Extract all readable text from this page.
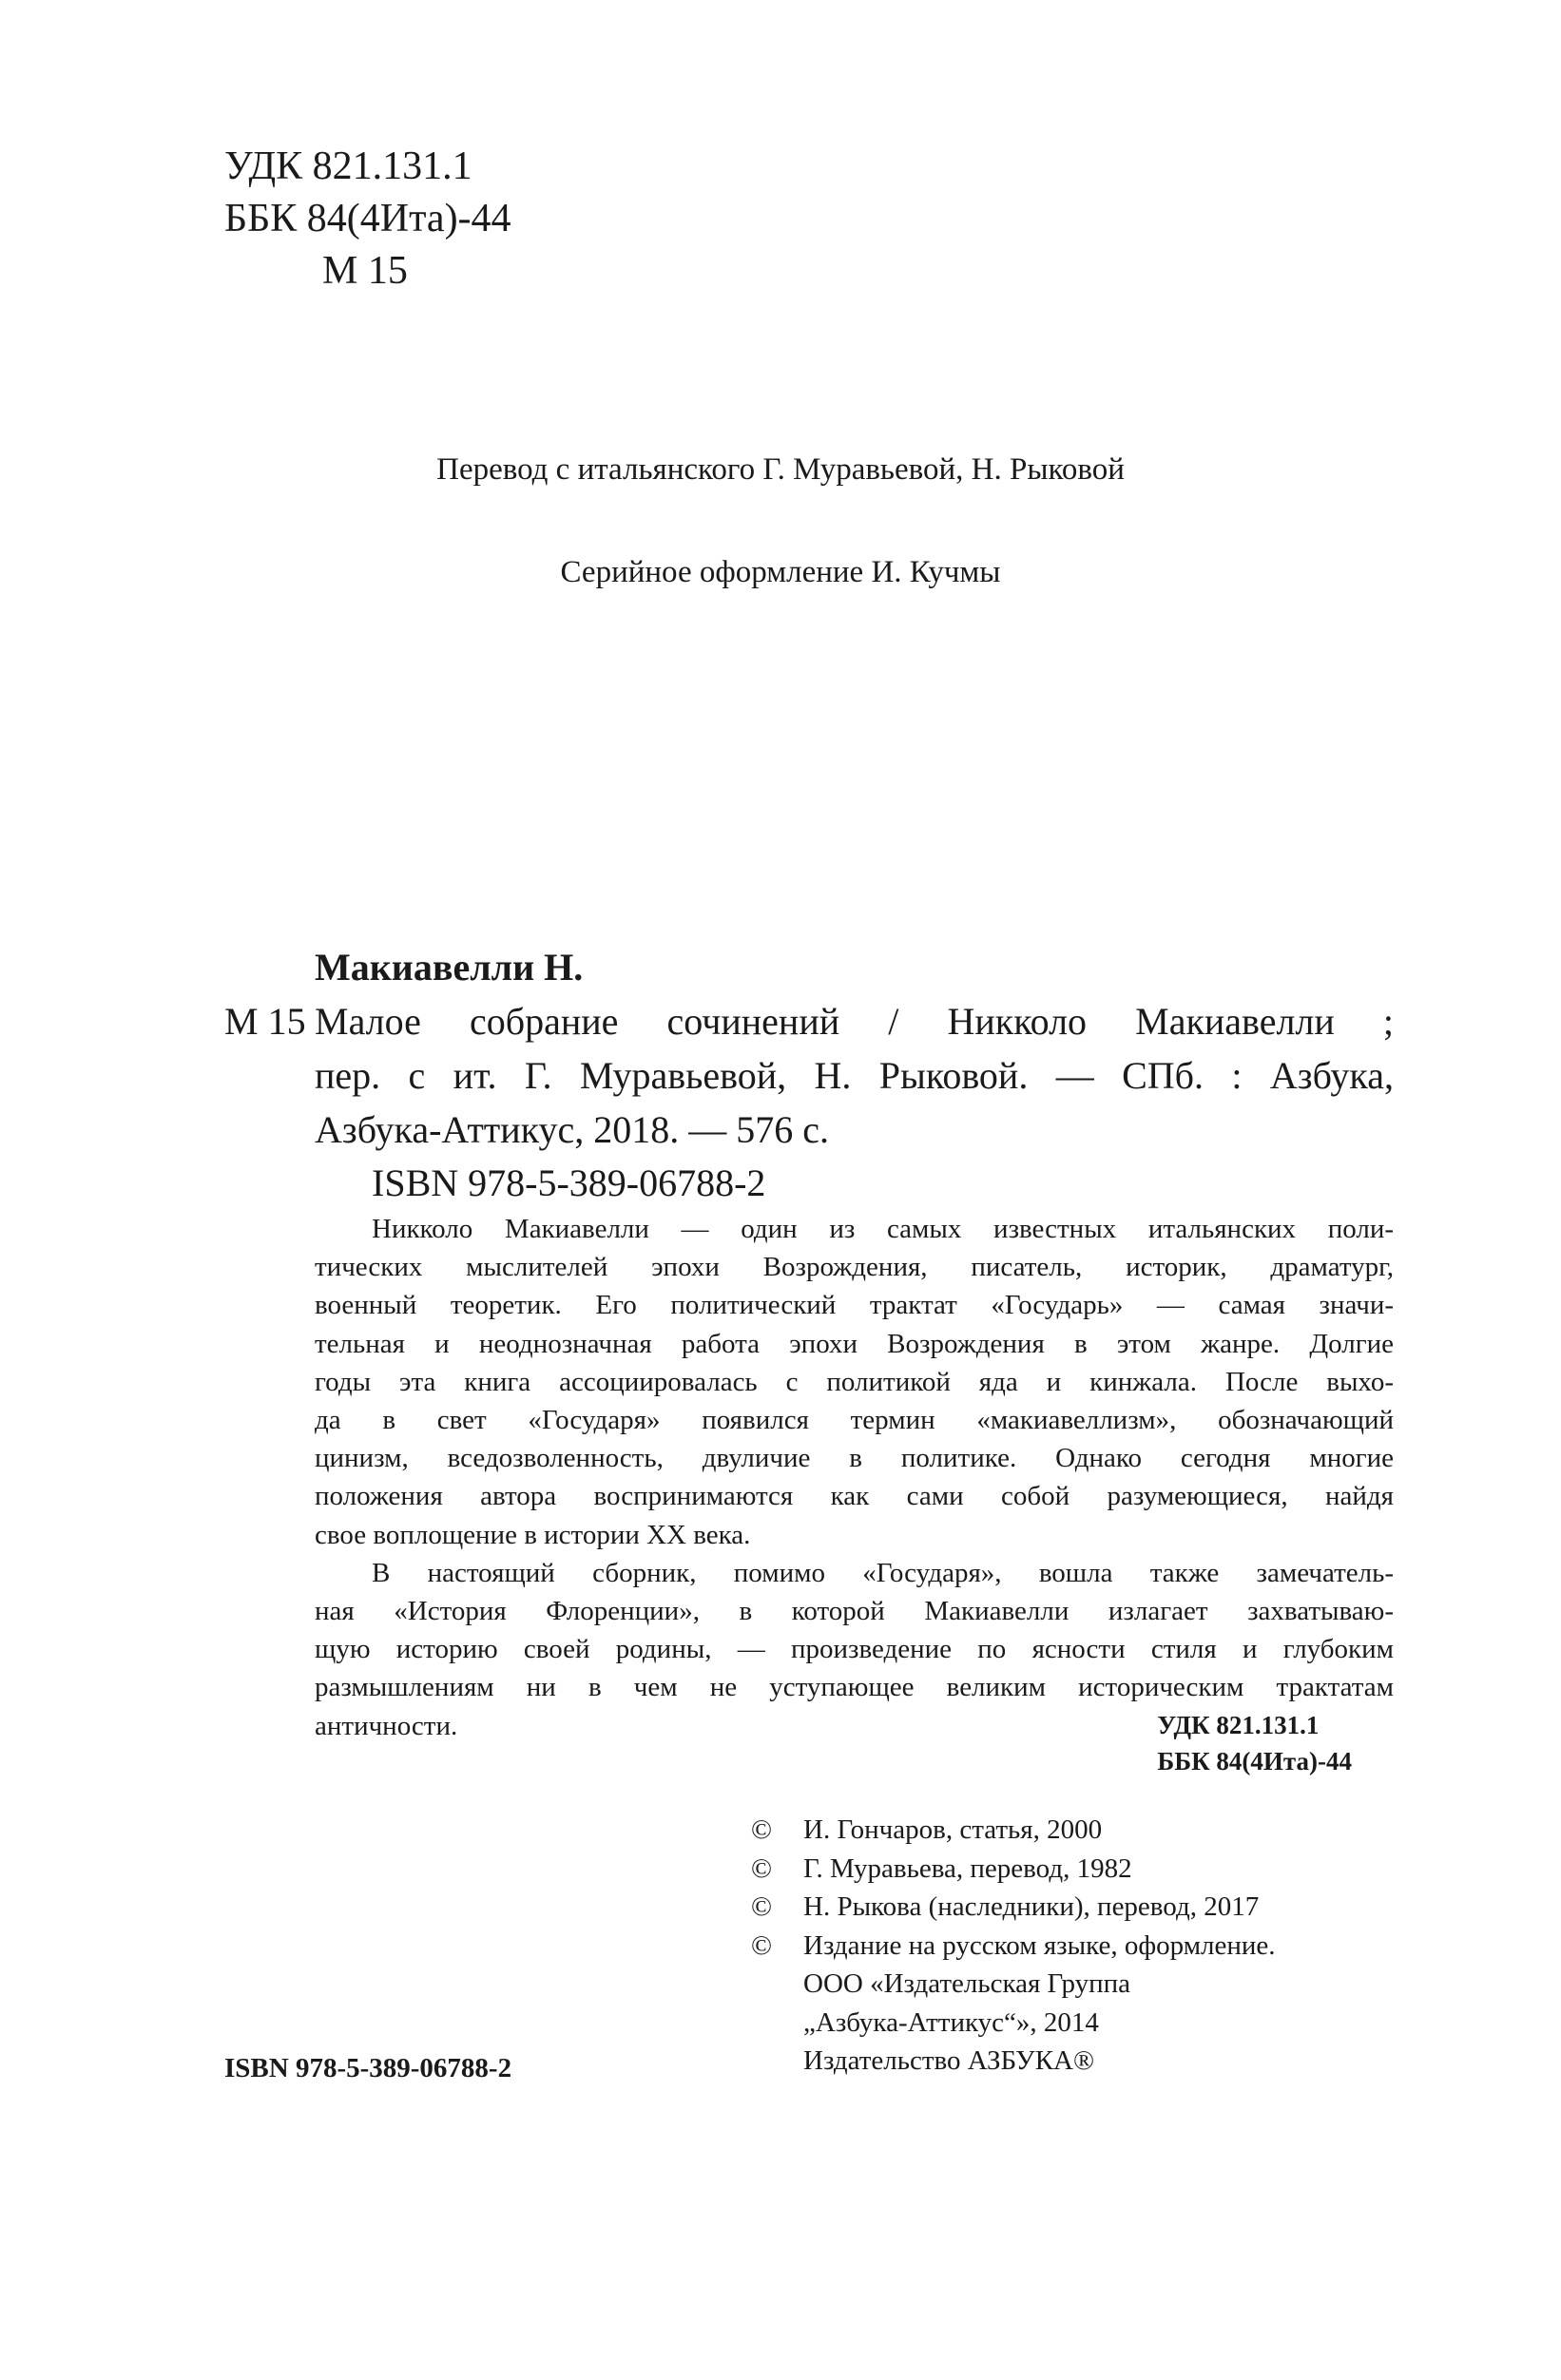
УДК 821.131.1
ББК 84(4Ита)-44
М 15
Перевод с итальянского Г. Муравьевой, Н. Рыковой
Серийное оформление И. Кучмы
Макиавелли Н.
М 15 Малое собрание сочинений / Никколо Макиавелли ;
пер. с ит. Г. Муравьевой, Н. Рыковой. — СПб. : Азбука,
Азбука-Аттикус, 2018. — 576 с.
ISBN 978-5-389-06788-2
Никколо Макиавелли — один из самых известных итальянских поли-
тических мыслителей эпохи Возрождения, писатель, историк, драматург,
военный теоретик. Его политический трактат «Государь» — самая значи-
тельная и неоднозначная работа эпохи Возрождения в этом жанре. Долгие
годы эта книга ассоциировалась с политикой яда и кинжала. После выхо-
да в свет «Государя» появился термин «макиавеллизм», обозначающий
цинизм, вседозволенность, двуличие в политике. Однако сегодня многие
положения автора воспринимаются как сами собой разумеющиеся, найдя
свое воплощение в истории XX века.
В настоящий сборник, помимо «Государя», вошла также замечатель-
ная «История Флоренции», в которой Макиавелли излагает захватываю-
щую историю своей родины, — произведение по ясности стиля и глубоким
размышлениям ни в чем не уступающее великим историческим трактатам
античности.	УДК 821.131.1
ББК 84(4Ита)-44
© И. Гончаров, статья, 2000
© Г. Муравьева, перевод, 1982
© Н. Рыкова (наследники), перевод, 2017
© Издание на русском языке, оформление.
ООО «Издательская Группа
„Азбука-Аттикус“», 2014
Издательство АЗБУКА®
ISBN 978-5-389-06788-2
